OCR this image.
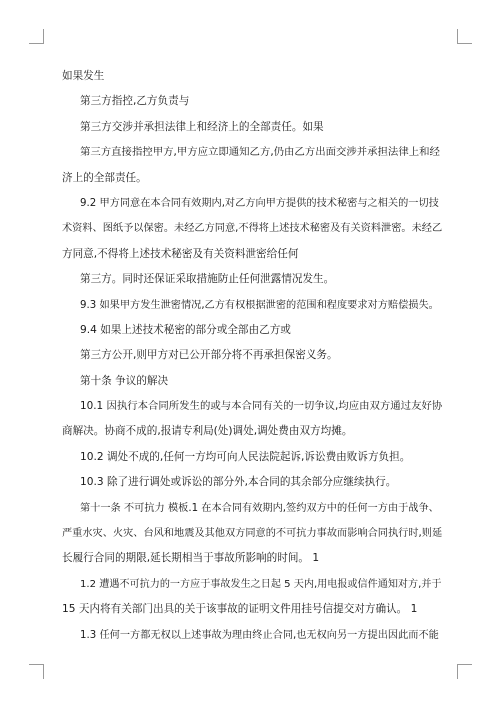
如果发生
第三方指控,乙方负责与
第三方交涉并承担法律上和经济上的全部责任。如果
第三方直接指控甲方,甲方应立即通知乙方,仍由乙方出面交涉并承担法律上和经
济上的全部责任。
9.2 甲方同意在本合同有效期内,对乙方向甲方提供的技术秘密与之相关的一切技
术资料、图纸予以保密。未经乙方同意,不得将上述技术秘密及有关资料泄密。未经乙
方同意,不得将上述技术秘密及有关资料泄密给任何
第三方。同时还保证采取措施防止任何泄露情况发生。
9.3 如果甲方发生泄密情况,乙方有权根据泄密的范围和程度要求对方赔偿损失。
9.4 如果上述技术秘密的部分或全部由乙方或
第三方公开,则甲方对已公开部分将不再承担保密义务。
第十条 争议的解决
10.1 因执行本合同所发生的或与本合同有关的一切争议,均应由双方通过友好协
商解决。协商不成的,报请专利局(处)调处,调处费由双方均摊。
10.2 调处不成的,任何一方均可向人民法院起诉,诉讼费由败诉方负担。
10.3 除了进行调处或诉讼的部分外,本合同的其余部分应继续执行。
第十一条 不可抗力 模板.1 在本合同有效期内,签约双方中的任何一方由于战争、
严重水灾、火灾、台风和地震及其他双方同意的不可抗力事故而影响合同执行时,则延
长履行合同的期限,延长期相当于事故所影响的时间。 1
1.2 遭遇不可抗力的一方应于事故发生之日起 5 天内,用电报或信件通知对方,并于
15 天内将有关部门出具的关于该事故的证明文件用挂号信提交对方确认。 1
1.3 任何一方都无权以上述事故为理由终止合同,也无权向另一方提出因此而不能
